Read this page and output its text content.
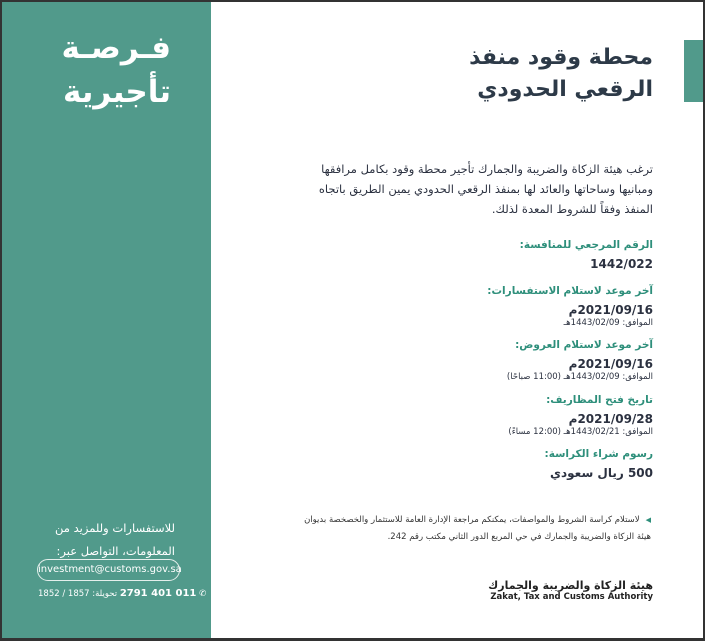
فـرصـة
تأجيرية
للاستفسارات وللمزيد من
المعلومات، التواصل عبر:
investment@customs.gov.sa
✆ 011 401 2791 تحويلة: 1857 / 1852
محطة وقود منفذ
الرقعي الحدودي
ترغب هيئة الزكاة والضريبة والجمارك تأجير محطة وقود بكامل مرافقها ومبانيها وساحاتها والعائد لها بمنفذ الرقعي الحدودي يمين الطريق باتجاه المنفذ وفقاً للشروط المعدة لذلك.
الرقم المرجعي للمنافسة:
1442/022
آخر موعد لاستلام الاستفسارات:
2021/09/16م
الموافق: 1443/02/09هـ
آخر موعد لاستلام العروض:
2021/09/16م
الموافق: 1443/02/09هـ (11:00 صباحًا)
تاريخ فتح المظاريف:
2021/09/28م
الموافق: 1443/02/21هـ (12:00 مساءً)
رسوم شراء الكراسة:
500 ريال سعودي
◀لاستلام كراسة الشروط والمواصفات، يمكنكم مراجعة الإدارة العامة للاستثمار والخصخصة بديوان هيئة الزكاة والضريبة والجمارك في حي المربع الدور الثاني مكتب رقم 242.
هيئة الزكاة والضريبة والجمارك
Zakat, Tax and Customs Authority
